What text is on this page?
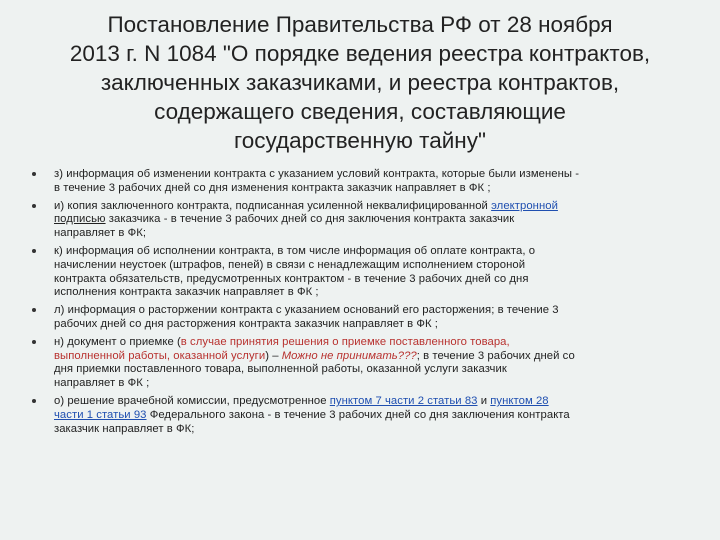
Постановление Правительства РФ от 28 ноября
2013 г. N 1084 "О порядке ведения реестра контрактов,
заключенных заказчиками, и реестра контрактов,
содержащего сведения, составляющие
государственную тайну"
з) информация об изменении контракта с указанием условий контракта, которые были изменены -
в течение 3 рабочих дней со дня изменения контракта заказчик направляет в ФК ;
и) копия заключенного контракта, подписанная усиленной неквалифицированной электронной
подписью заказчика - в течение 3 рабочих дней со дня заключения контракта заказчик
направляет в ФК;
к) информация об исполнении контракта, в том числе информация об оплате контракта, о
начислении неустоек (штрафов, пеней) в связи с ненадлежащим исполнением стороной
контракта обязательств, предусмотренных контрактом - в течение 3 рабочих дней со дня
исполнения контракта заказчик направляет в ФК ;
л) информация о расторжении контракта с указанием оснований его расторжения; в течение 3
рабочих дней со дня расторжения контракта заказчик направляет в ФК ;
н) документ о приемке (в случае принятия решения о приемке поставленного товара,
выполненной работы, оказанной услуги) – Можно не принимать???; в течение 3 рабочих дней со
дня приемки поставленного товара, выполненной работы, оказанной услуги заказчик
направляет в ФК ;
о) решение врачебной комиссии, предусмотренное пунктом 7 части 2 статьи 83 и пунктом 28
части 1 статьи 93 Федерального закона - в течение 3 рабочих дней со дня заключения контракта
заказчик направляет в ФК;
